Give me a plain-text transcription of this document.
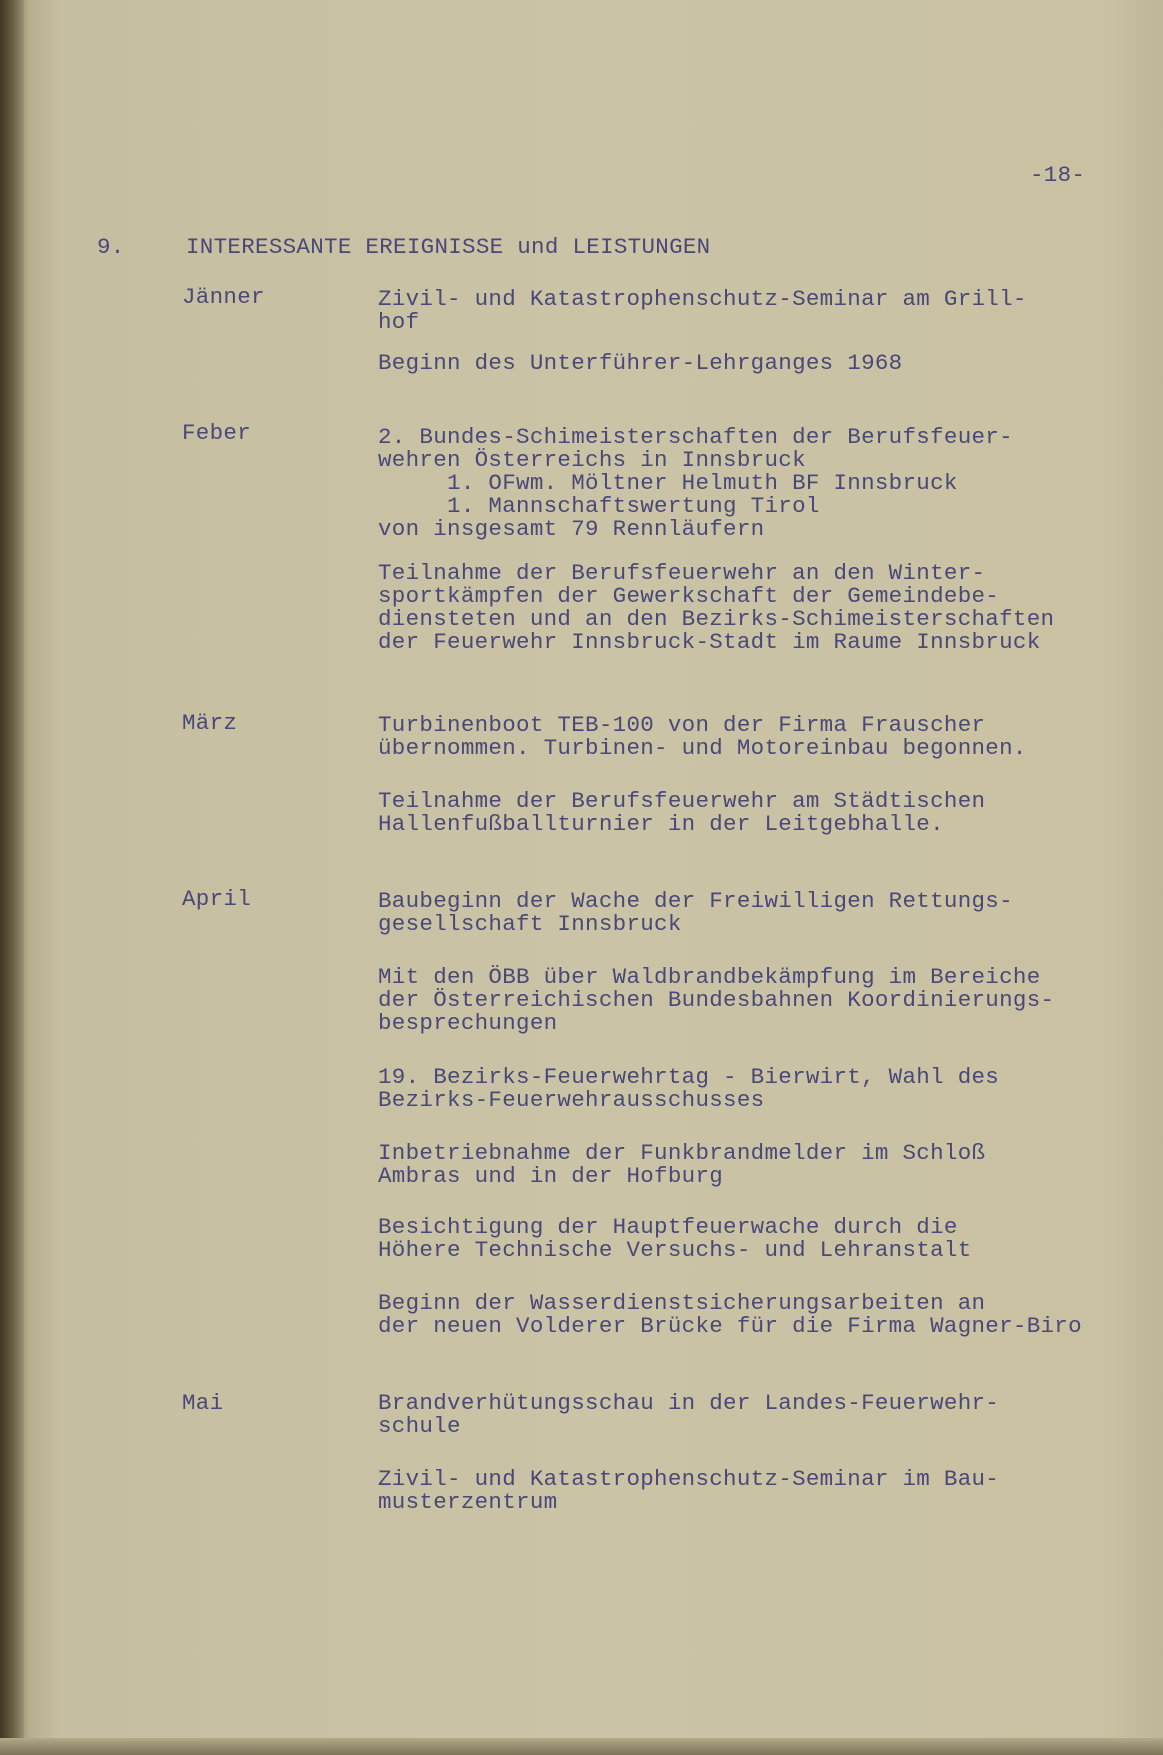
-18-

9.	INTERESSANTE EREIGNISSE und LEISTUNGEN

Jänner	Zivil- und Katastrophenschutz-Seminar am Grill-
hof

Beginn des Unterführer-Lehrganges 1968

Feber	2. Bundes-Schimeisterschaften der Berufsfeuer-
wehren Österreichs in Innsbruck
1. OFwm. Möltner Helmuth BF Innsbruck
1. Mannschaftswertung Tirol
von insgesamt 79 Rennläufern

Teilnahme der Berufsfeuerwehr an den Winter-
sportkämpfen der Gewerkschaft der Gemeindebe-
diensteten und an den Bezirks-Schimeisterschaften
der Feuerwehr Innsbruck-Stadt im Raume Innsbruck

März	Turbinenboot TEB-100 von der Firma Frauscher
übernommen. Turbinen- und Motoreinbau begonnen.

Teilnahme der Berufsfeuerwehr am Städtischen
Hallenfußballturnier in der Leitgebhalle.

April	Baubeginn der Wache der Freiwilligen Rettungs-
gesellschaft Innsbruck

Mit den ÖBB über Waldbrandbekämpfung im Bereiche
der Österreichischen Bundesbahnen Koordinierungs-
besprechungen

19. Bezirks-Feuerwehrtag - Bierwirt, Wahl des
Bezirks-Feuerwehrausschusses

Inbetriebnahme der Funkbrandmelder im Schloß
Ambras und in der Hofburg

Besichtigung der Hauptfeuerwache durch die
Höhere Technische Versuchs- und Lehranstalt

Beginn der Wasserdienstsicherungsarbeiten an
der neuen Volderer Brücke für die Firma Wagner-Biro

Mai	Brandverhütungsschau in der Landes-Feuerwehr-
schule

Zivil- und Katastrophenschutz-Seminar im Bau-
musterzentrum
